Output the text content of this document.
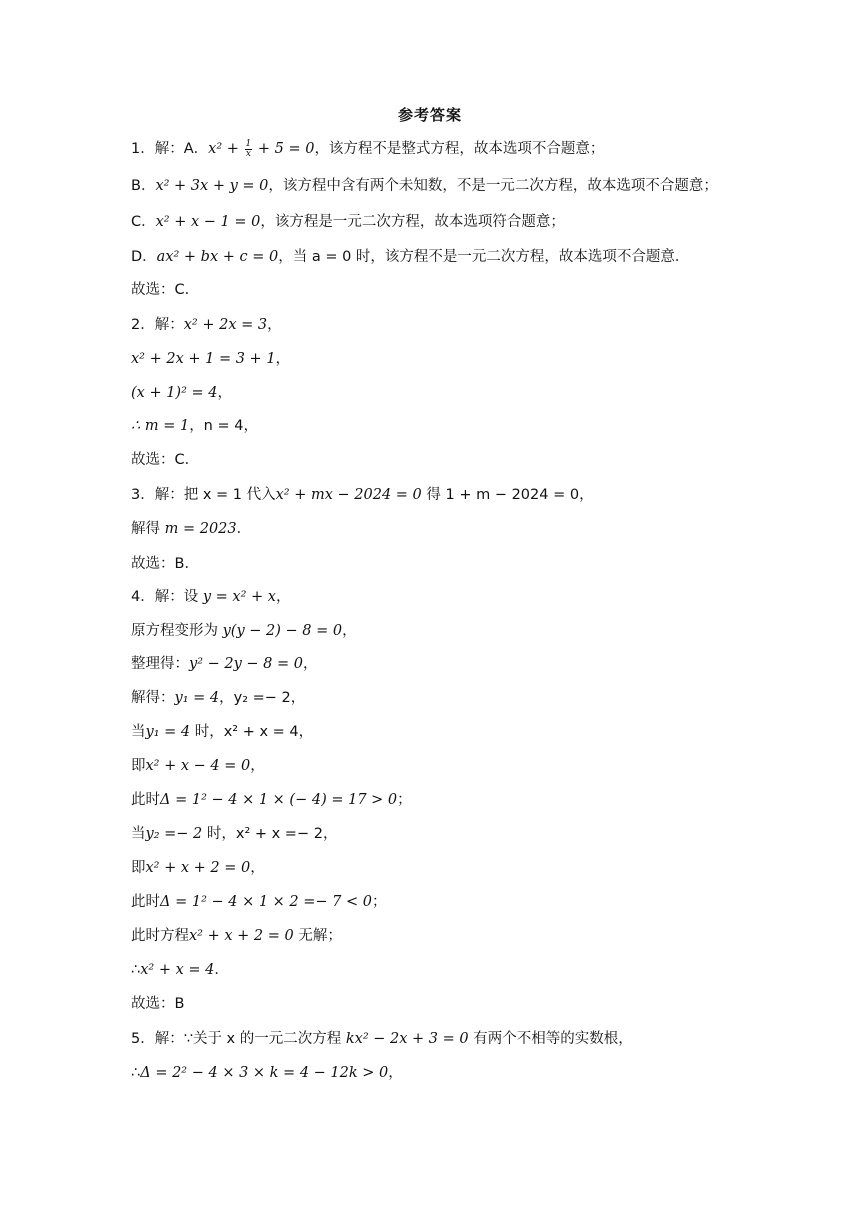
参考答案
1．解：A．$x^2 + \frac{1}{x} + 5 = 0$，该方程不是整式方程，故本选项不合题意；
B．x² + 3x + y = 0，该方程中含有两个未知数，不是一元二次方程，故本选项不合题意；
C．x² + x − 1 = 0，该方程是一元二次方程，故本选项符合题意；
D．ax² + bx + c = 0，当 a = 0 时，该方程不是一元二次方程，故本选项不合题意．
故选：C．
2．解：x² + 2x = 3，
x² + 2x + 1 = 3 + 1，
(x + 1)² = 4，
∴ m = 1，n = 4，
故选：C．
3．解：把 x = 1 代入x² + mx − 2024 = 0 得 1 + m − 2024 = 0，
解得 m = 2023．
故选：B．
4．解：设 y = x² + x，
原方程变形为 y(y − 2) − 8 = 0，
整理得：y² − 2y − 8 = 0，
解得：y₁ = 4，y₂ =− 2，
当y₁ = 4 时，x² + x = 4，
即x² + x − 4 = 0，
此时Δ = 1² − 4 × 1 × (− 4) = 17 > 0；
当y₂ =− 2 时，x² + x =− 2，
即x² + x + 2 = 0，
此时Δ = 1² − 4 × 1 × 2 =− 7 < 0；
此时方程x² + x + 2 = 0 无解；
∴x² + x = 4．
故选：B
5．解：∵关于 x 的一元二次方程 kx² − 2x + 3 = 0 有两个不相等的实数根，
∴Δ = 2² − 4 × 3 × k = 4 − 12k > 0，
